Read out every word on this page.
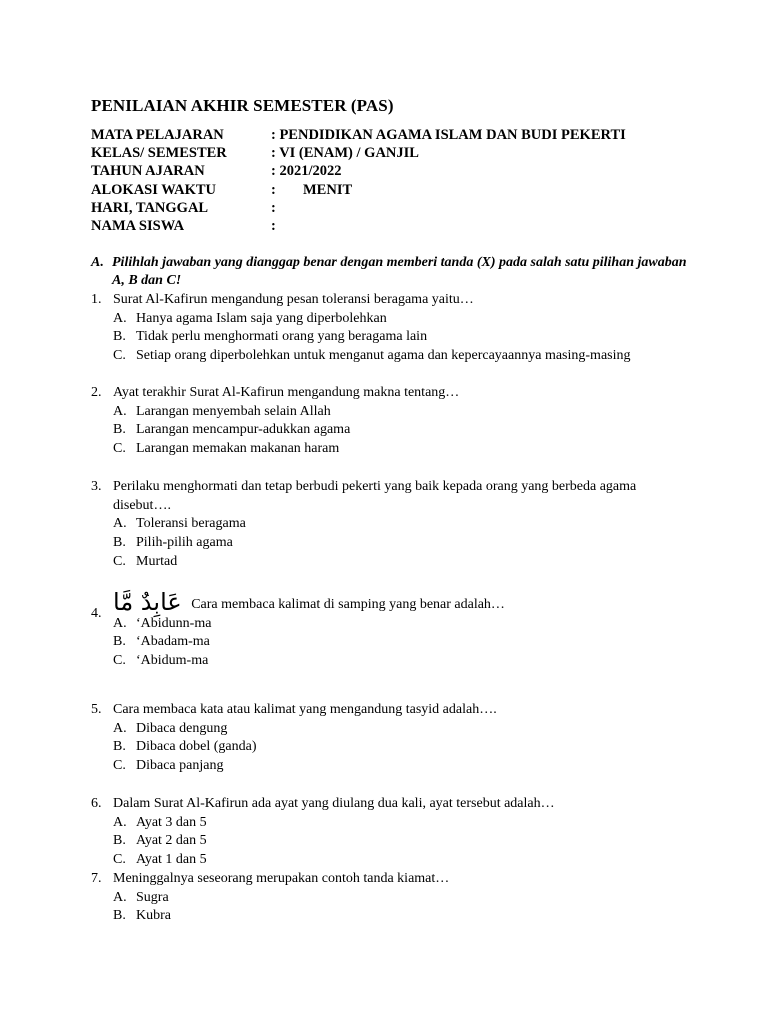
PENILAIAN AKHIR SEMESTER (PAS)
MATA PELAJARAN	: PENDIDIKAN AGAMA ISLAM DAN BUDI PEKERTI
KELAS/ SEMESTER	: VI (ENAM) / GANJIL
TAHUN AJARAN	: 2021/2022
ALOKASI WAKTU	: MENIT
HARI, TANGGAL	:
NAMA SISWA	:
A. Pilihlah jawaban yang dianggap benar dengan memberi tanda (X) pada salah satu pilihan jawaban A, B dan C!
1. Surat Al-Kafirun mengandung pesan toleransi beragama yaitu…
A. Hanya agama Islam saja yang diperbolehkan
B. Tidak perlu menghormati orang yang beragama lain
C. Setiap orang diperbolehkan untuk menganut agama dan kepercayaannya masing-masing
2. Ayat terakhir Surat Al-Kafirun mengandung makna tentang…
A. Larangan menyembah selain Allah
B. Larangan mencampur-adukkan agama
C. Larangan memakan makanan haram
3. Perilaku menghormati dan tetap berbudi pekerti yang baik kepada orang yang berbeda agama disebut….
A. Toleransi beragama
B. Pilih-pilih agama
C. Murtad
4. عَابِدٌ مَّا Cara membaca kalimat di samping yang benar adalah…
A. ‘Abidunn-ma
B. ‘Abadam-ma
C. ‘Abidum-ma
5. Cara membaca kata atau kalimat yang mengandung tasyid adalah….
A. Dibaca dengung
B. Dibaca dobel (ganda)
C. Dibaca panjang
6. Dalam Surat Al-Kafirun ada ayat yang diulang dua kali, ayat tersebut adalah…
A. Ayat 3 dan 5
B. Ayat 2 dan 5
C. Ayat 1 dan 5
7. Meninggalnya seseorang merupakan contoh tanda kiamat…
A. Sugra
B. Kubra
